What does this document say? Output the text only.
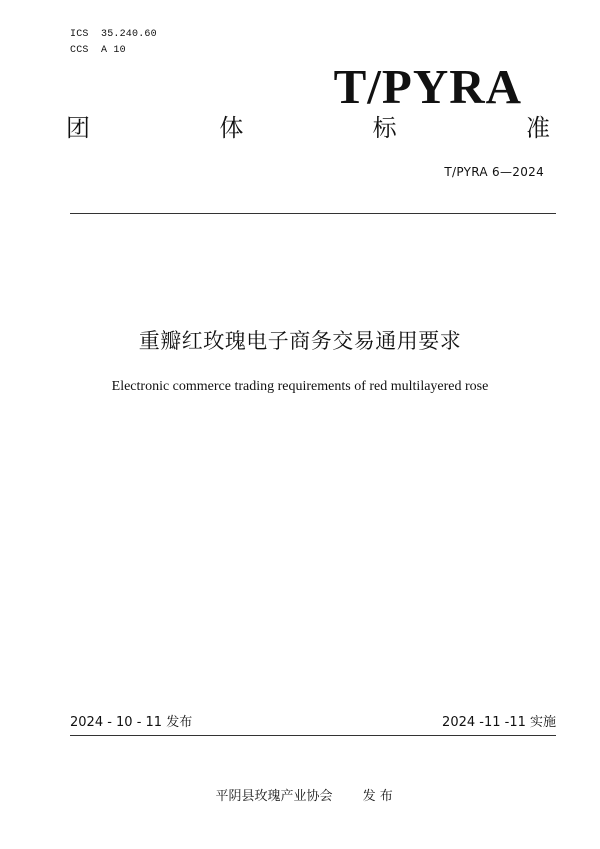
ICS  35.240.60
CCS  A 10
T/PYRA
团	体	标	准
T/PYRA 6—2024
重瓣红玫瑰电子商务交易通用要求
Electronic commerce trading requirements of red multilayered rose
2024 - 10 - 11 发布	2024 -11 -11 实施

平阴县玫瑰产业协会 发 布
